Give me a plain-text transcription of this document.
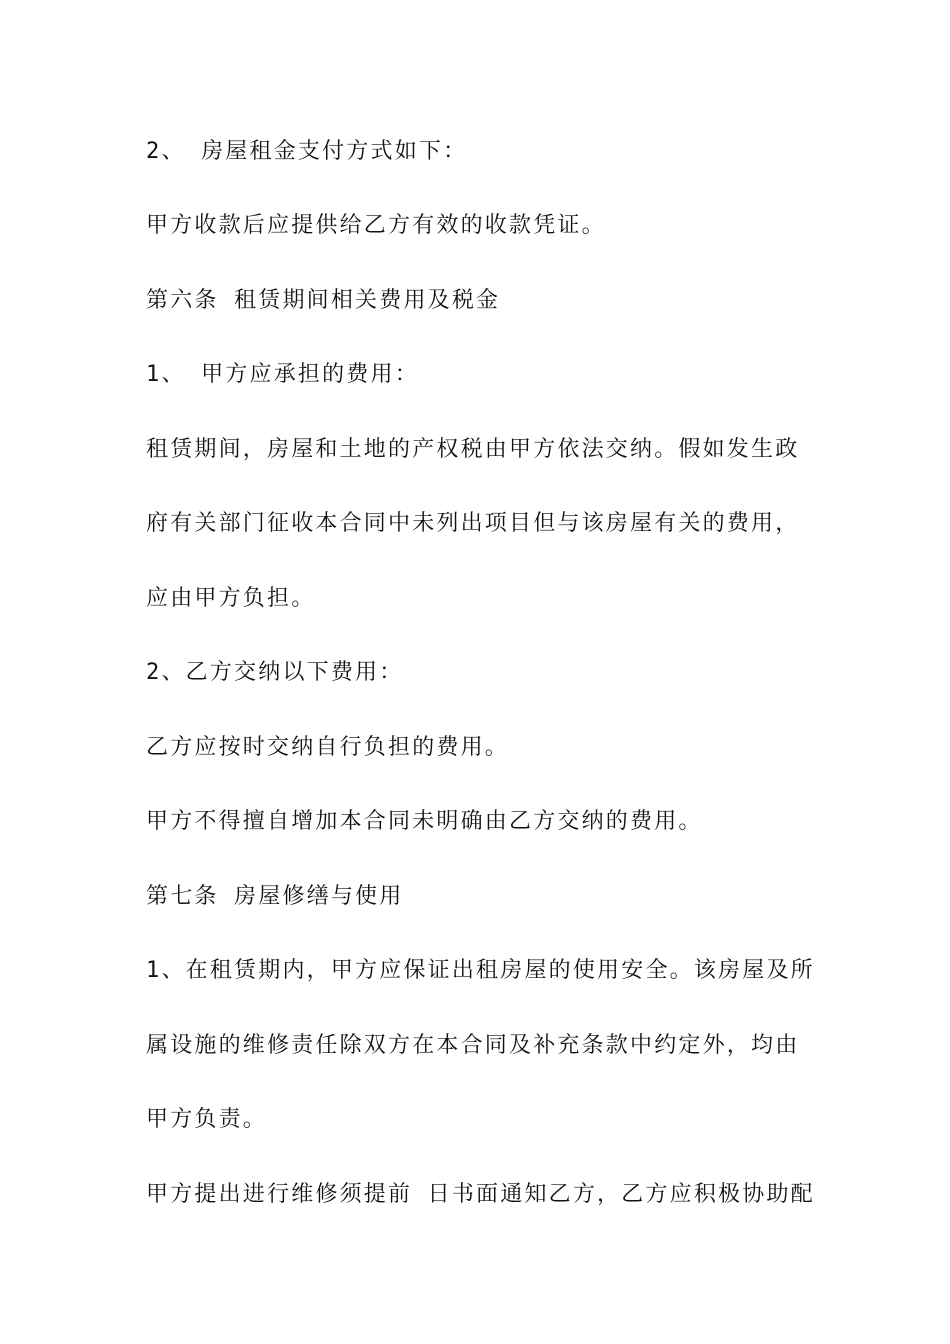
2、 房屋租金支付方式如下：
甲方收款后应提供给乙方有效的收款凭证。
第六条 租赁期间相关费用及税金
1、 甲方应承担的费用：
租赁期间，房屋和土地的产权税由甲方依法交纳。假如发生政
府有关部门征收本合同中未列出项目但与该房屋有关的费用，
应由甲方负担。
2、乙方交纳以下费用：
乙方应按时交纳自行负担的费用。
甲方不得擅自增加本合同未明确由乙方交纳的费用。
第七条 房屋修缮与使用
1、在租赁期内，甲方应保证出租房屋的使用安全。该房屋及所
属设施的维修责任除双方在本合同及补充条款中约定外，均由
甲方负责。
甲方提出进行维修须提前 日书面通知乙方，乙方应积极协助配
